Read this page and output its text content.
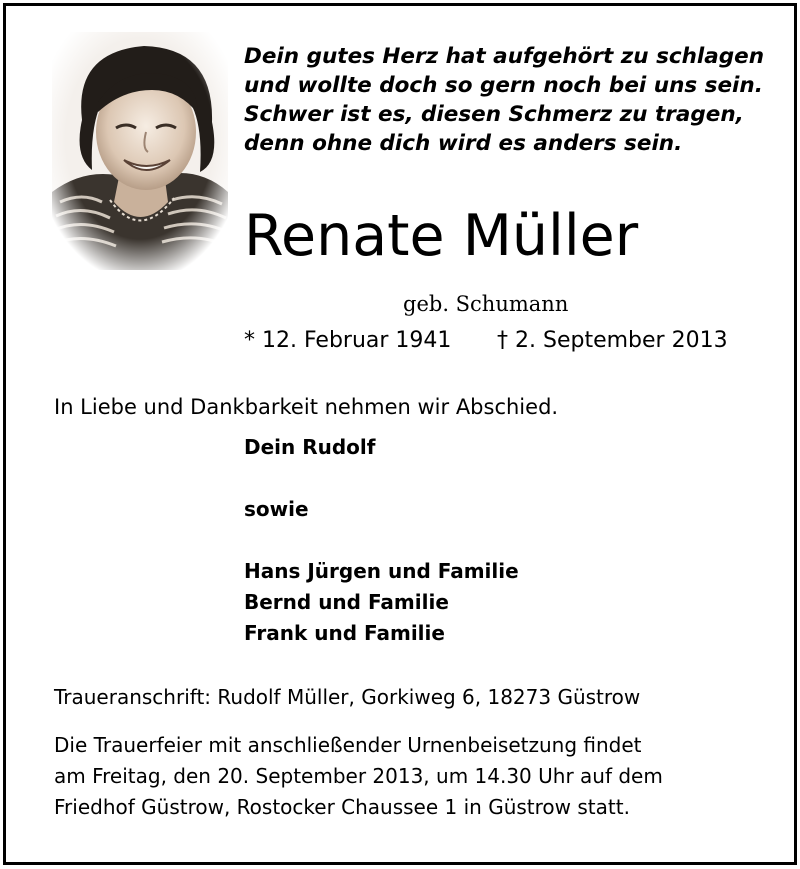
Dein gutes Herz hat aufgehört zu schlagen
und wollte doch so gern noch bei uns sein.
Schwer ist es, diesen Schmerz zu tragen,
denn ohne dich wird es anders sein.
Renate Müller
geb. Schumann
* 12. Februar 1941 † 2. September 2013
In Liebe und Dankbarkeit nehmen wir Abschied.
Dein Rudolf
sowie
Hans Jürgen und Familie
Bernd und Familie
Frank und Familie
Traueranschrift: Rudolf Müller, Gorkiweg 6, 18273 Güstrow
Die Trauerfeier mit anschließender Urnenbeisetzung findet
am Freitag, den 20. September 2013, um 14.30 Uhr auf dem
Friedhof Güstrow, Rostocker Chaussee 1 in Güstrow statt.
